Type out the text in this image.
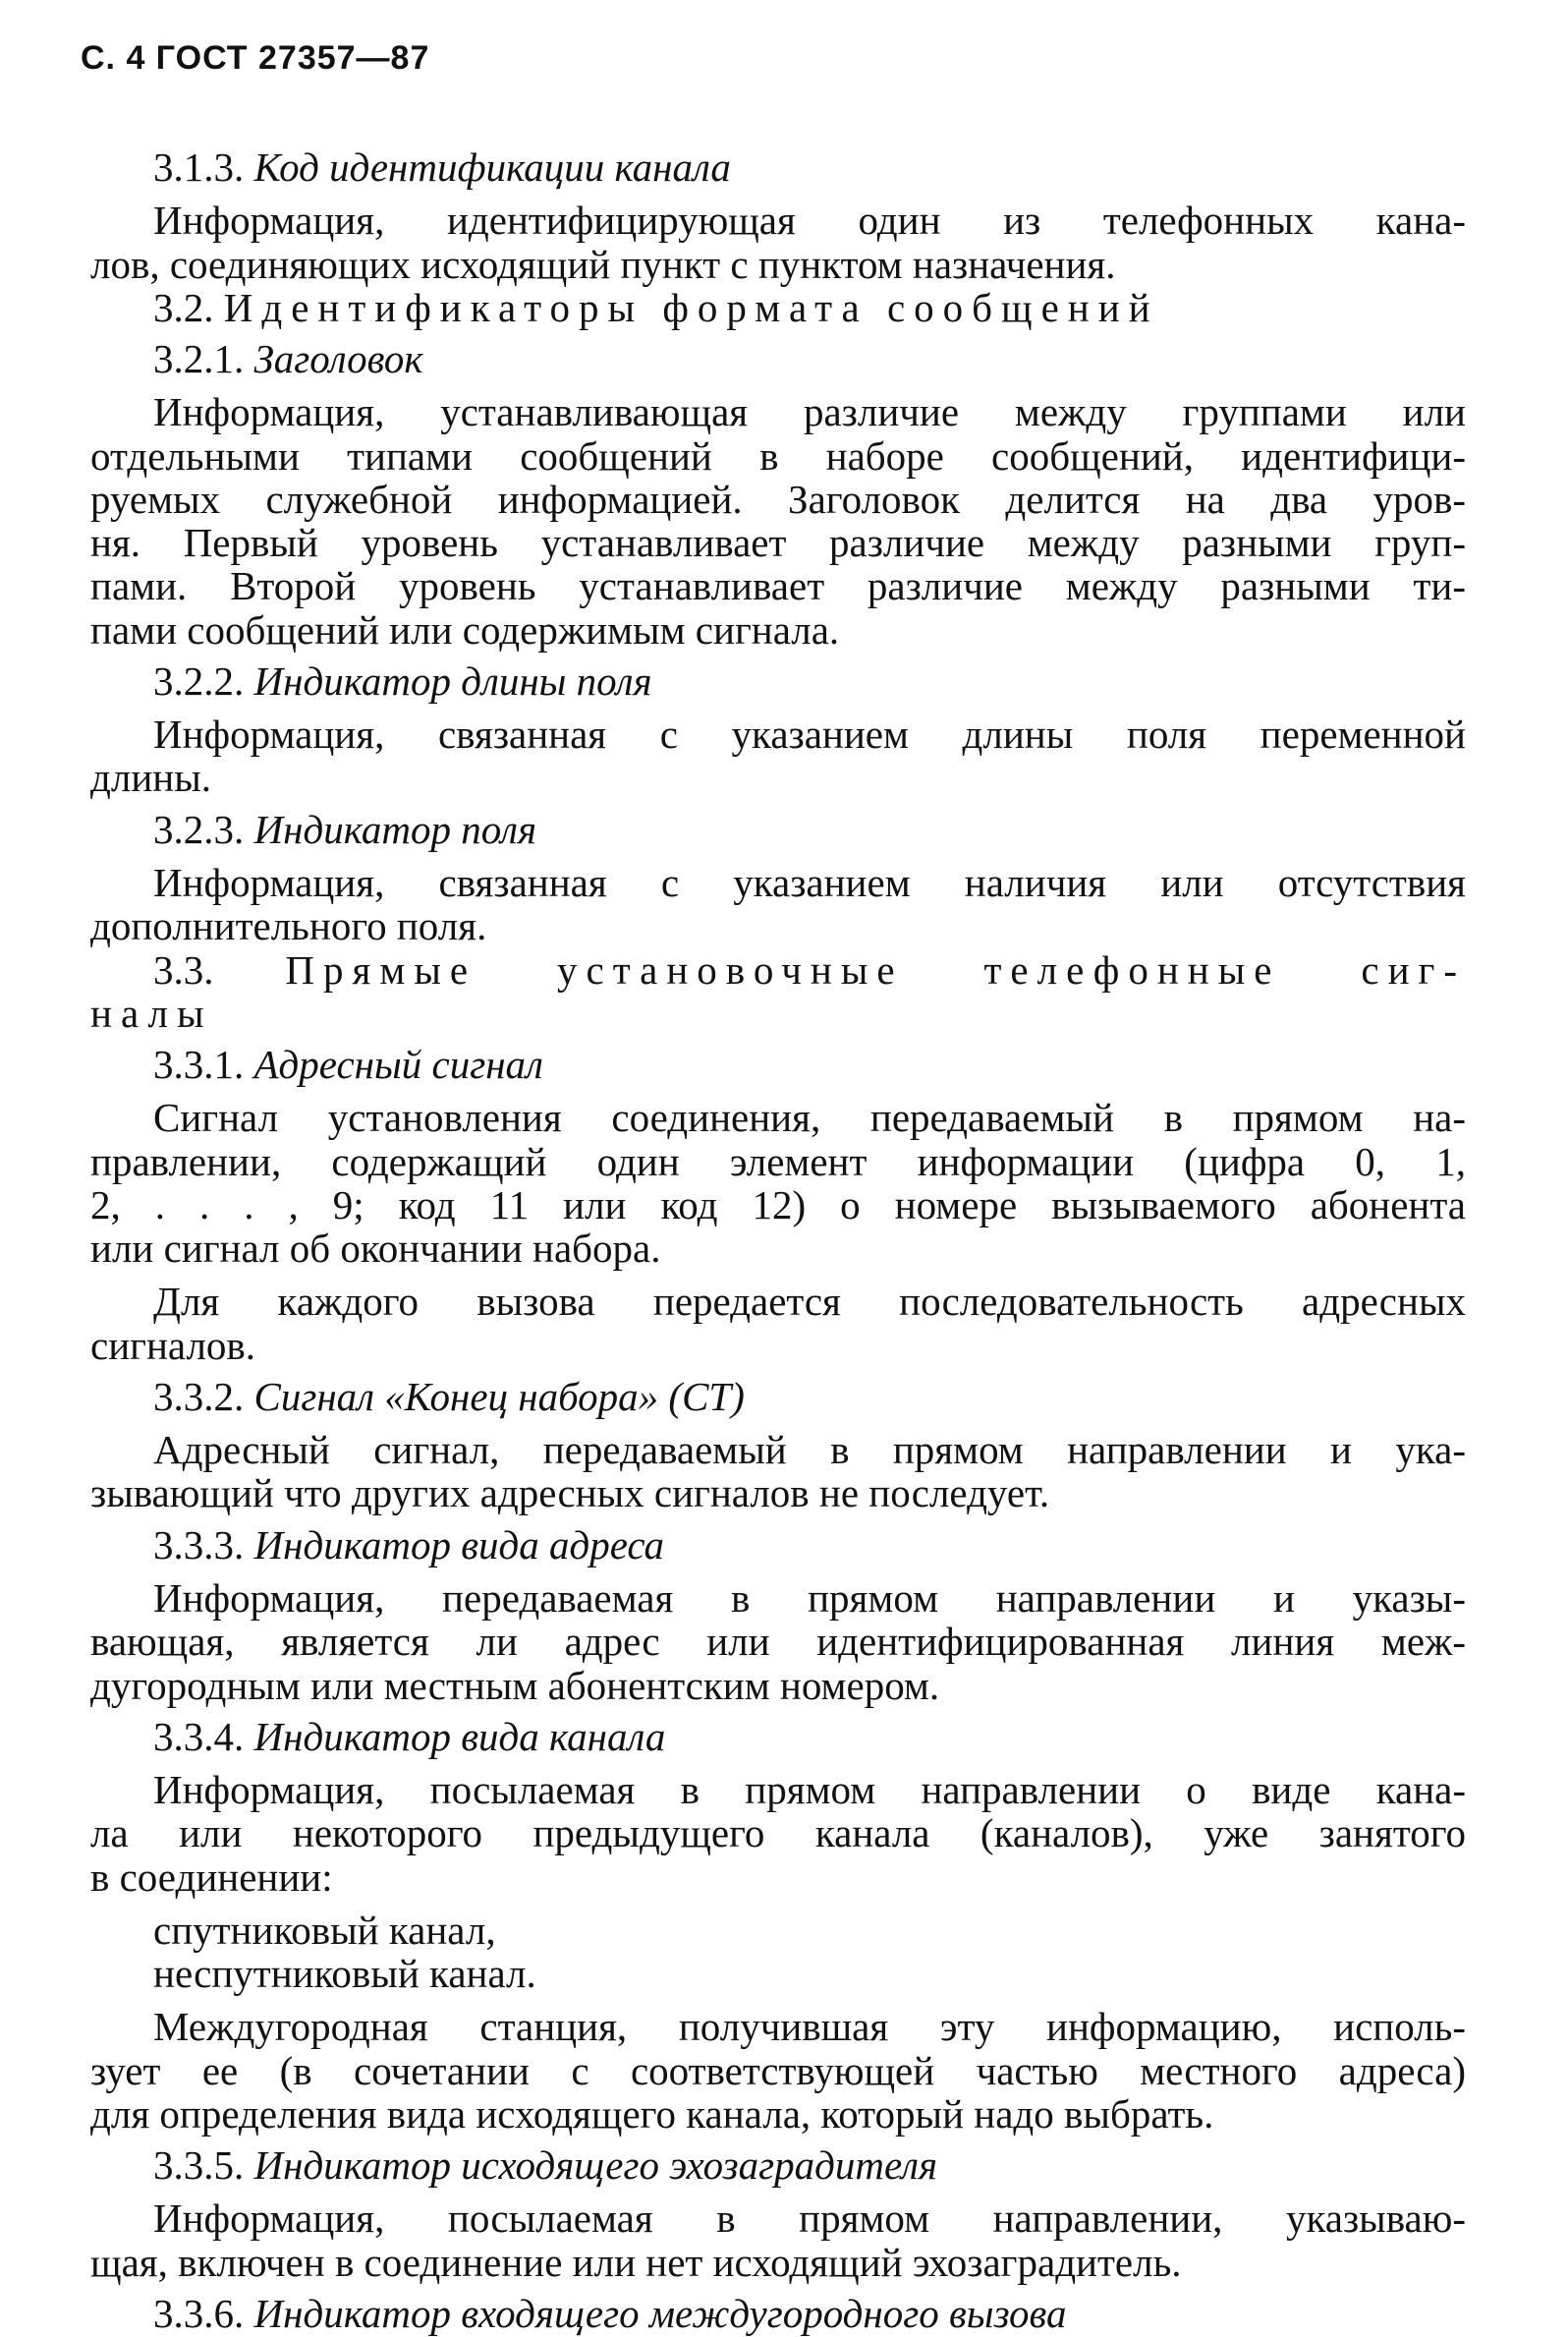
С. 4 ГОСТ 27357—87
3.1.3. Код идентификации канала
Информация, идентифицирующая один из телефонных кана-
лов, соединяющих исходящий пункт с пунктом назначения.
3.2. Идентификаторы формата сообщений
3.2.1. Заголовок
Информация, устанавливающая различие между группами или
отдельными типами сообщений в наборе сообщений, идентифици-
руемых служебной информацией. Заголовок делится на два уров-
ня. Первый уровень устанавливает различие между разными груп-
пами. Второй уровень устанавливает различие между разными ти-
пами сообщений или содержимым сигнала.
3.2.2. Индикатор длины поля
Информация, связанная с указанием длины поля переменной
длины.
3.2.3. Индикатор поля
Информация, связанная с указанием наличия или отсутствия
дополнительного поля.
3.3. Прямые установочные телефонные сиг-
налы
3.3.1. Адресный сигнал
Сигнал установления соединения, передаваемый в прямом на-
правлении, содержащий один элемент информации (цифра 0, 1,
2, . . . , 9; код 11 или код 12) о номере вызываемого абонента
или сигнал об окончании набора.
Для каждого вызова передается последовательность адресных
сигналов.
3.3.2. Сигнал «Конец набора» (СТ)
Адресный сигнал, передаваемый в прямом направлении и ука-
зывающий что других адресных сигналов не последует.
3.3.3. Индикатор вида адреса
Информация, передаваемая в прямом направлении и указы-
вающая, является ли адрес или идентифицированная линия меж-
дугородным или местным абонентским номером.
3.3.4. Индикатор вида канала
Информация, посылаемая в прямом направлении о виде кана-
ла или некоторого предыдущего канала (каналов), уже занятого
в соединении:
спутниковый канал,
неспутниковый канал.
Междугородная станция, получившая эту информацию, исполь-
зует ее (в сочетании с соответствующей частью местного адреса)
для определения вида исходящего канала, который надо выбрать.
3.3.5. Индикатор исходящего эхозаградителя
Информация, посылаемая в прямом направлении, указываю-
щая, включен в соединение или нет исходящий эхозаградитель.
3.3.6. Индикатор входящего междугородного вызова
